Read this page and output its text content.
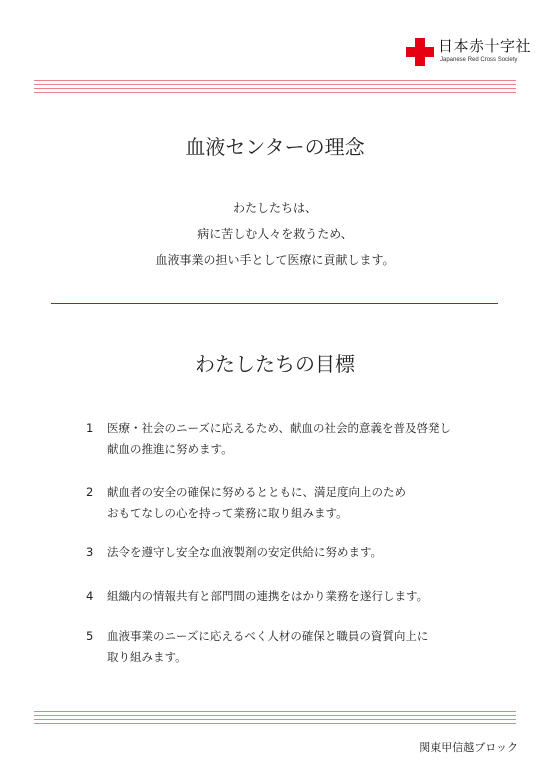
日本赤十字社
Japanese Red Cross Society
血液センターの理念
わたしたちは、
病に苦しむ人々を救うため、
血液事業の担い手として医療に貢献します。
わたしたちの目標
1 医療・社会のニーズに応えるため、献血の社会的意義を普及啓発し
献血の推進に努めます。
2 献血者の安全の確保に努めるとともに、満足度向上のため
おもてなしの心を持って業務に取り組みます。
3 法令を遵守し安全な血液製剤の安定供給に努めます。
4 組織内の情報共有と部門間の連携をはかり業務を遂行します。
5 血液事業のニーズに応えるべく人材の確保と職員の資質向上に
取り組みます。
関東甲信越ブロック
